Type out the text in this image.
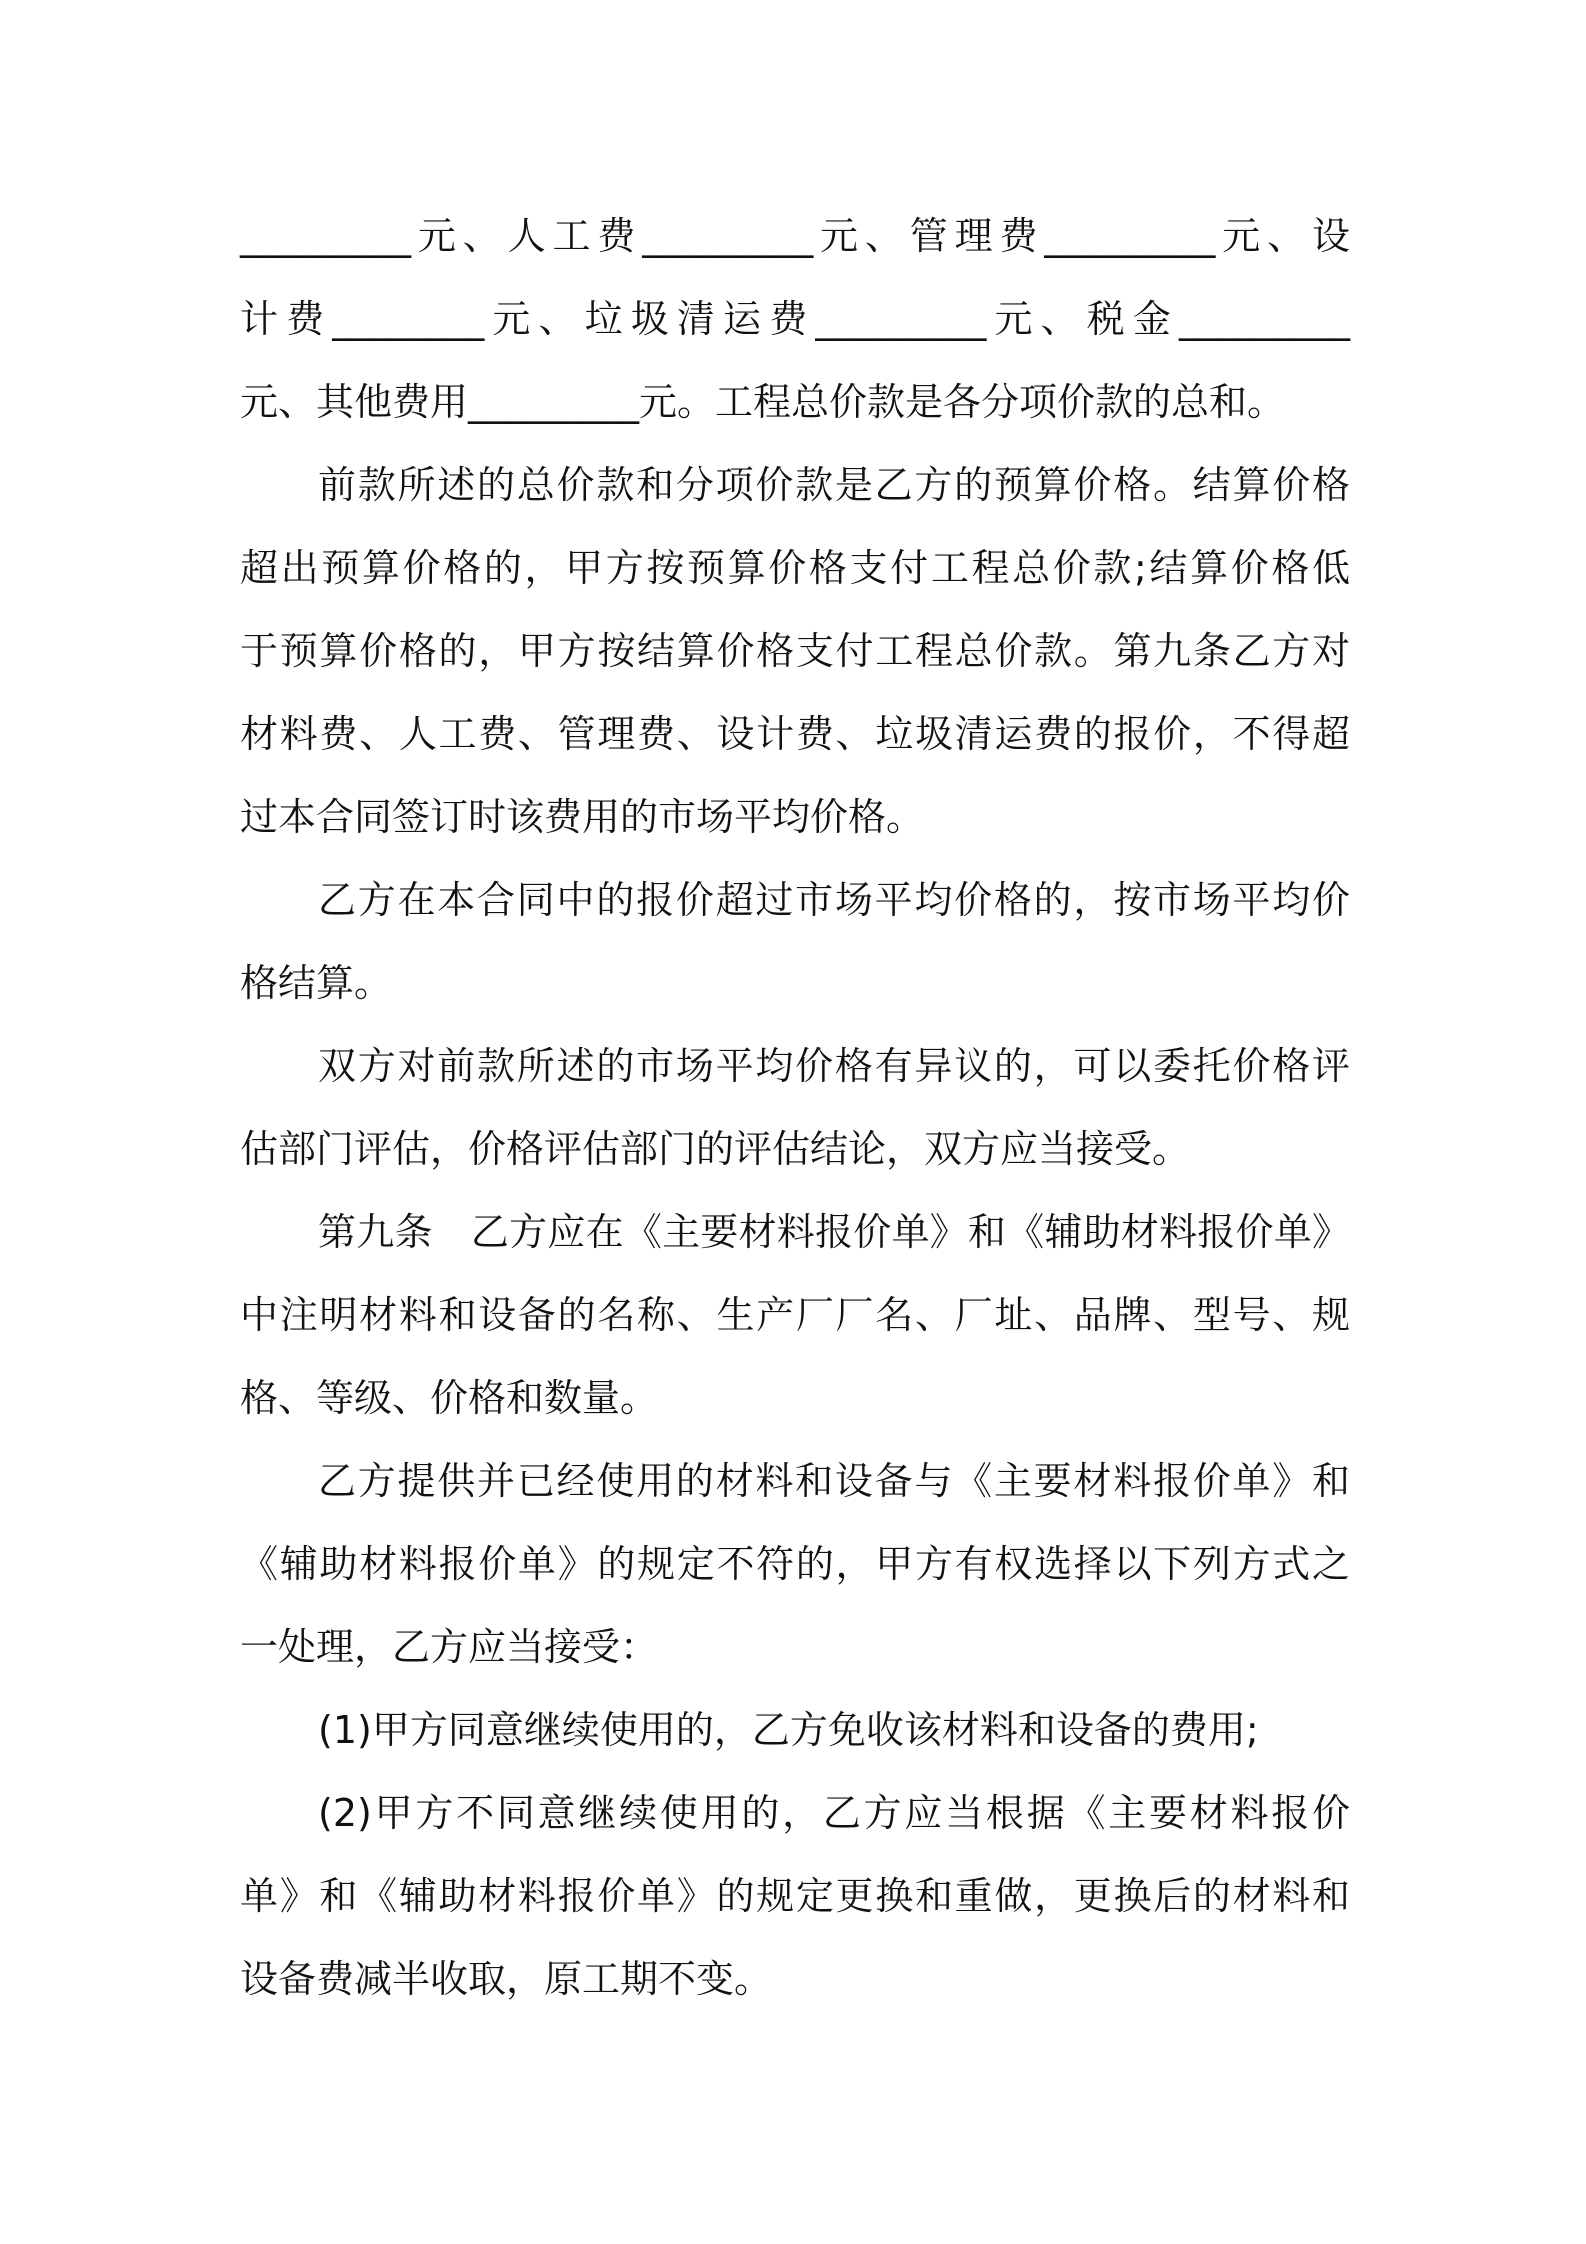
_________元、人工费_________元、管理费_________元、设
计费________元、垃圾清运费_________元、税金_________
元、其他费用_________元。工程总价款是各分项价款的总和。
前款所述的总价款和分项价款是乙方的预算价格。结算价格
超出预算价格的，甲方按预算价格支付工程总价款;结算价格低
于预算价格的，甲方按结算价格支付工程总价款。第九条乙方对
材料费、人工费、管理费、设计费、垃圾清运费的报价，不得超
过本合同签订时该费用的市场平均价格。
乙方在本合同中的报价超过市场平均价格的，按市场平均价
格结算。
双方对前款所述的市场平均价格有异议的，可以委托价格评
估部门评估，价格评估部门的评估结论，双方应当接受。
第九条　乙方应在《主要材料报价单》和《辅助材料报价单》
中注明材料和设备的名称、生产厂厂名、厂址、品牌、型号、规
格、等级、价格和数量。
乙方提供并已经使用的材料和设备与《主要材料报价单》和
《辅助材料报价单》的规定不符的，甲方有权选择以下列方式之
一处理，乙方应当接受：
(1)甲方同意继续使用的，乙方免收该材料和设备的费用;
(2)甲方不同意继续使用的，乙方应当根据《主要材料报价
单》和《辅助材料报价单》的规定更换和重做，更换后的材料和
设备费减半收取，原工期不变。
